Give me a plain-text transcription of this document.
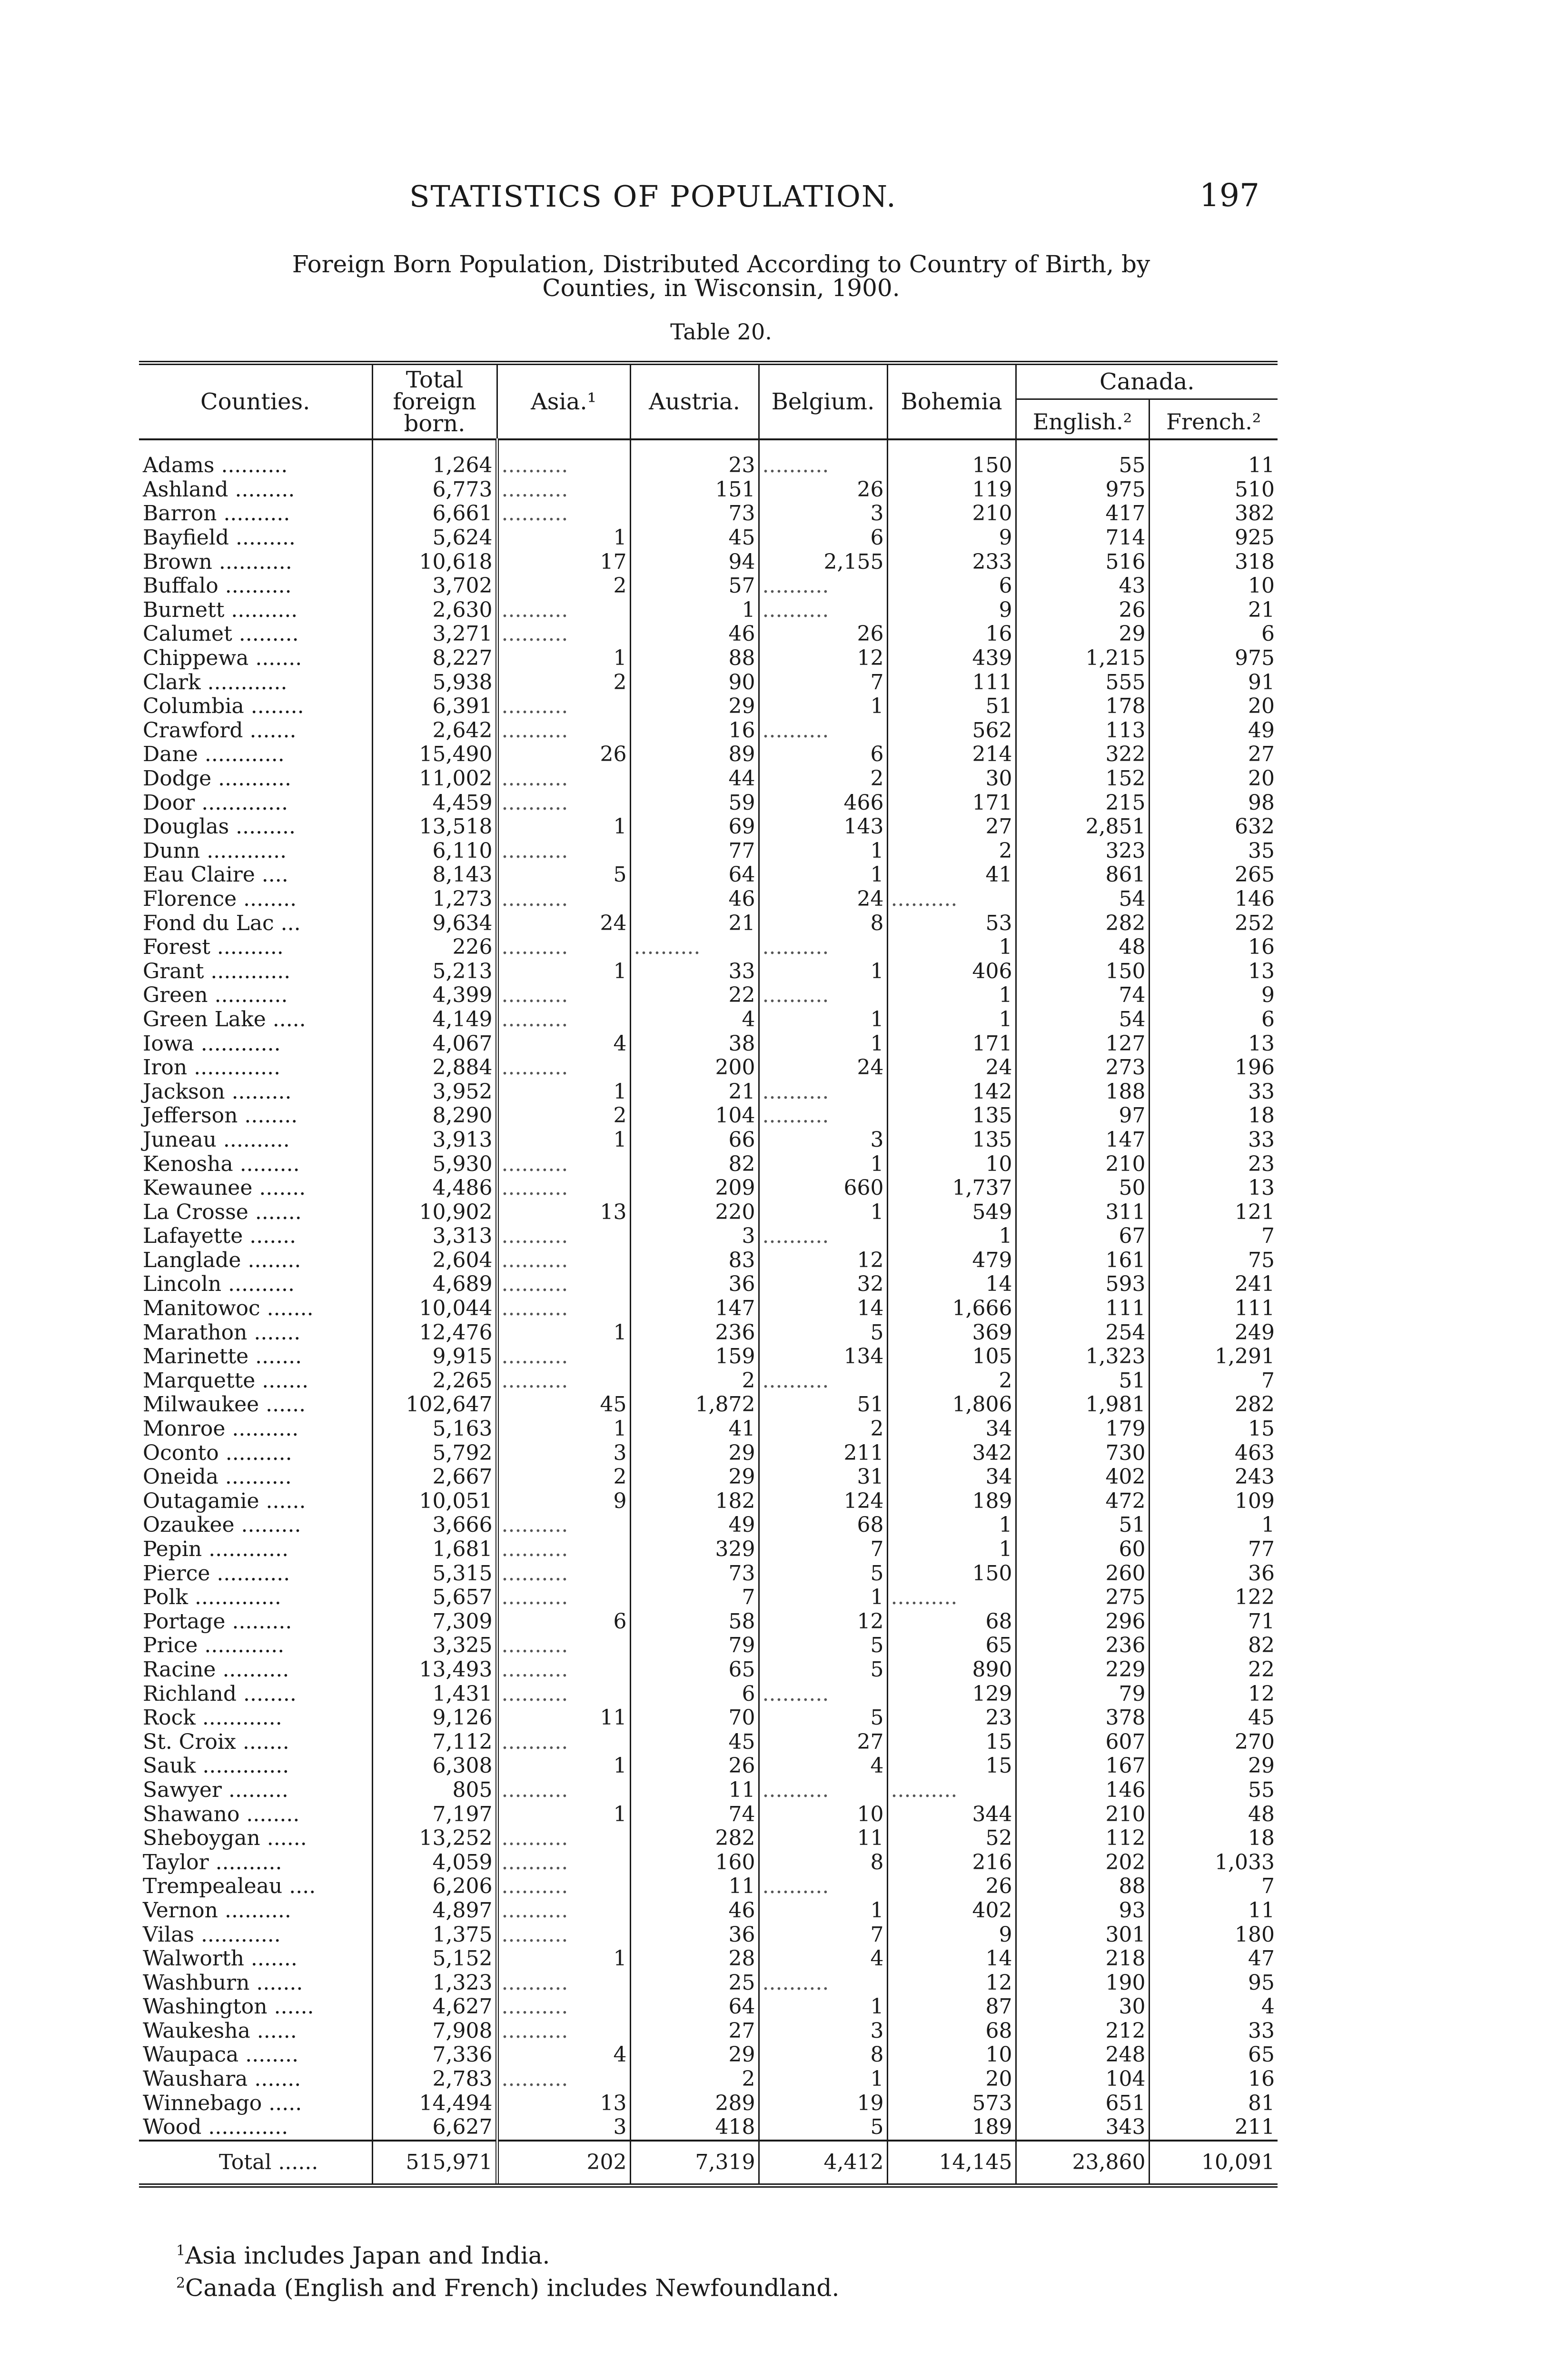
STATISTICS OF POPULATION.	197
Foreign Born Population, Distributed According to Country of Birth, by
Counties, in Wisconsin, 1900.
Table 20.
Counties.	Total foreign born.	Asia.¹	Austria.	Belgium.	Bohemia	Canada.	
						English.²	French.²
Adams ..........	1,264	..........	23	..........	150	55	11
Ashland .........	6,773	..........	151	26	119	975	510
Barron ..........	6,661	..........	73	3	210	417	382
Bayfield .........	5,624	1	45	6	9	714	925
Brown ...........	10,618	17	94	2,155	233	516	318
Buffalo ..........	3,702	2	57	..........	6	43	10
Burnett ..........	2,630	..........	1	..........	9	26	21
Calumet .........	3,271	..........	46	26	16	29	6
Chippewa .......	8,227	1	88	12	439	1,215	975
Clark ............	5,938	2	90	7	111	555	91
Columbia ........	6,391	..........	29	1	51	178	20
Crawford .......	2,642	..........	16	..........	562	113	49
Dane ............	15,490	26	89	6	214	322	27
Dodge ...........	11,002	..........	44	2	30	152	20
Door .............	4,459	..........	59	466	171	215	98
Douglas .........	13,518	1	69	143	27	2,851	632
Dunn ............	6,110	..........	77	1	2	323	35
Eau Claire ....	8,143	5	64	1	41	861	265
Florence ........	1,273	..........	46	24	..........	54	146
Fond du Lac ...	9,634	24	21	8	53	282	252
Forest ..........	226	..........	..........	..........	1	48	16
Grant ............	5,213	1	33	1	406	150	13
Green ...........	4,399	..........	22	..........	1	74	9
Green Lake .....	4,149	..........	4	1	1	54	6
Iowa ............	4,067	4	38	1	171	127	13
Iron .............	2,884	..........	200	24	24	273	196
Jackson .........	3,952	1	21	..........	142	188	33
Jefferson ........	8,290	2	104	..........	135	97	18
Juneau ..........	3,913	1	66	3	135	147	33
Kenosha .........	5,930	..........	82	1	10	210	23
Kewaunee .......	4,486	..........	209	660	1,737	50	13
La Crosse .......	10,902	13	220	1	549	311	121
Lafayette .......	3,313	..........	3	..........	1	67	7
Langlade ........	2,604	..........	83	12	479	161	75
Lincoln ..........	4,689	..........	36	32	14	593	241
Manitowoc .......	10,044	..........	147	14	1,666	111	111
Marathon .......	12,476	1	236	5	369	254	249
Marinette .......	9,915	..........	159	134	105	1,323	1,291
Marquette .......	2,265	..........	2	..........	2	51	7
Milwaukee ......	102,647	45	1,872	51	1,806	1,981	282
Monroe ..........	5,163	1	41	2	34	179	15
Oconto ..........	5,792	3	29	211	342	730	463
Oneida ..........	2,667	2	29	31	34	402	243
Outagamie ......	10,051	9	182	124	189	472	109
Ozaukee .........	3,666	..........	49	68	1	51	1
Pepin ............	1,681	..........	329	7	1	60	77
Pierce ...........	5,315	..........	73	5	150	260	36
Polk .............	5,657	..........	7	1	..........	275	122
Portage .........	7,309	6	58	12	68	296	71
Price ............	3,325	..........	79	5	65	236	82
Racine ..........	13,493	..........	65	5	890	229	22
Richland ........	1,431	..........	6	..........	129	79	12
Rock ............	9,126	11	70	5	23	378	45
St. Croix .......	7,112	..........	45	27	15	607	270
Sauk .............	6,308	1	26	4	15	167	29
Sawyer .........	805	..........	11	..........	..........	146	55
Shawano ........	7,197	1	74	10	344	210	48
Sheboygan ......	13,252	..........	282	11	52	112	18
Taylor ..........	4,059	..........	160	8	216	202	1,033
Trempealeau ....	6,206	..........	11	..........	26	88	7
Vernon ..........	4,897	..........	46	1	402	93	11
Vilas ............	1,375	..........	36	7	9	301	180
Walworth .......	5,152	1	28	4	14	218	47
Washburn .......	1,323	..........	25	..........	12	190	95
Washington ......	4,627	..........	64	1	87	30	4
Waukesha ......	7,908	..........	27	3	68	212	33
Waupaca ........	7,336	4	29	8	10	248	65
Waushara .......	2,783	..........	2	1	20	104	16
Winnebago .....	14,494	13	289	19	573	651	81
Wood ............	6,627	3	418	5	189	343	211

Total ......	515,971	202	7,319	4,412	14,145	23,860	10,091
$^1$Asia includes Japan and India.
$^2$Canada (English and French) includes Newfoundland.
